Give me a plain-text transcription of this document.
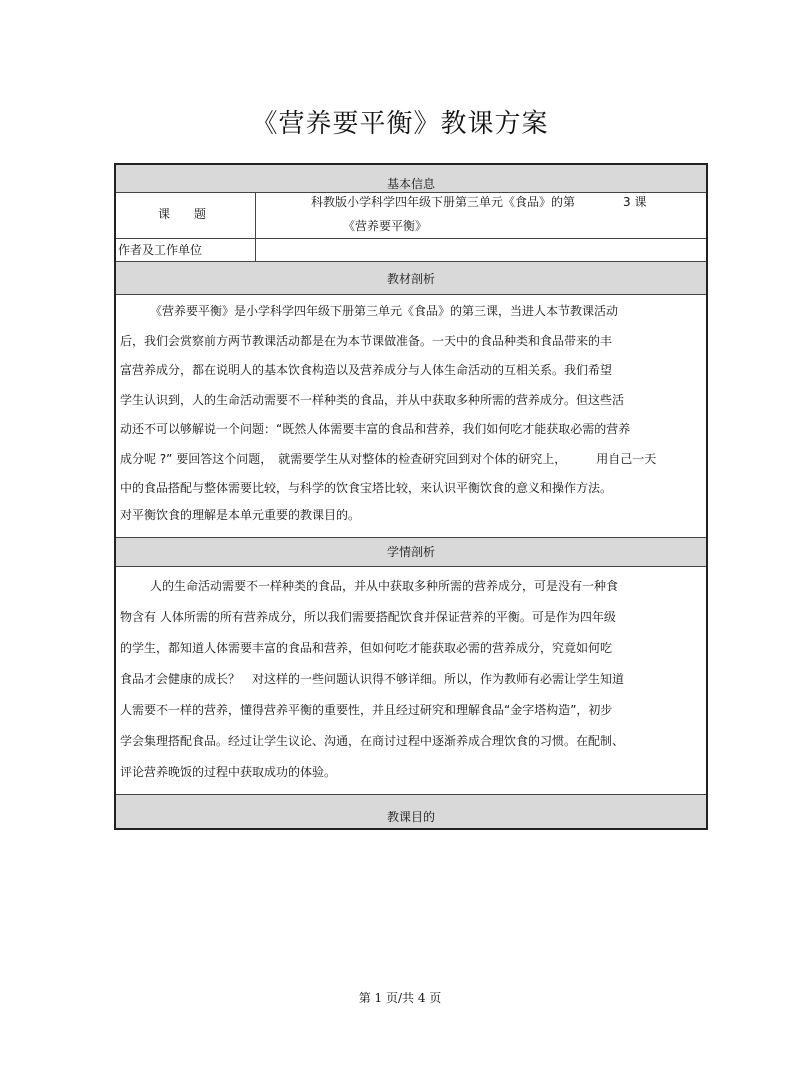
《营养要平衡》教课方案
基本信息
课　　题
科教版小学科学四年级下册第三单元《食品》的第	3 课
《营养要平衡》
作者及工作单位
教材剖析

《营养要平衡》是小学科学四年级下册第三单元《食品》的第三课，当进人本节教课活动

后，我们会赏察前方两节教课活动都是在为本节课做准备。一天中的食品种类和食品带来的丰

富营养成分，都在说明人的基本饮食构造以及营养成分与人体生命活动的互相关系。我们希望

学生认识到，人的生命活动需要不一样种类的食品，并从中获取多种所需的营养成分。但这些活

动还不可以够解说一个问题：“既然人体需要丰富的食品和营养，我们如何吃才能获取必需的营养

成分呢 ?” 要回答这个问题，　就需要学生从对整体的检查研究回到对个体的研究上，　　　用自己一天

中的食品搭配与整体需要比较，与科学的饮食宝塔比较，来认识平衡饮食的意义和操作方法。

对平衡饮食的理解是本单元重要的教课目的。

学情剖析

人的生命活动需要不一样种类的食品，并从中获取多种所需的营养成分，可是没有一种食

物含有 人体所需的所有营养成分，所以我们需要搭配饮食并保证营养的平衡。可是作为四年级

的学生，都知道人体需要丰富的食品和营养，但如何吃才能获取必需的营养成分，究竟如何吃

食品才会健康的成长？　对这样的一些问题认识得不够详细。所以，作为教师有必需让学生知道

人需要不一样的营养，懂得营养平衡的重要性，并且经过研究和理解食品“金字塔构造”，初步

学会集理搭配食品。经过让学生议论、沟通，在商讨过程中逐渐养成合理饮食的习惯。在配制、

评论营养晚饭的过程中获取成功的体验。

教课目的
第 1 页/共 4 页
